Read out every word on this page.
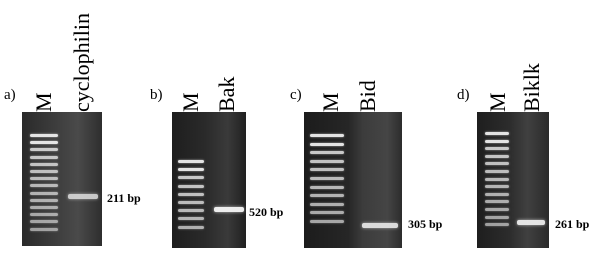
a) M cyclophilin
211 bp
b) M Bak
520 bp
c) M Bid
305 bp
d) M Biklk
261 bp
